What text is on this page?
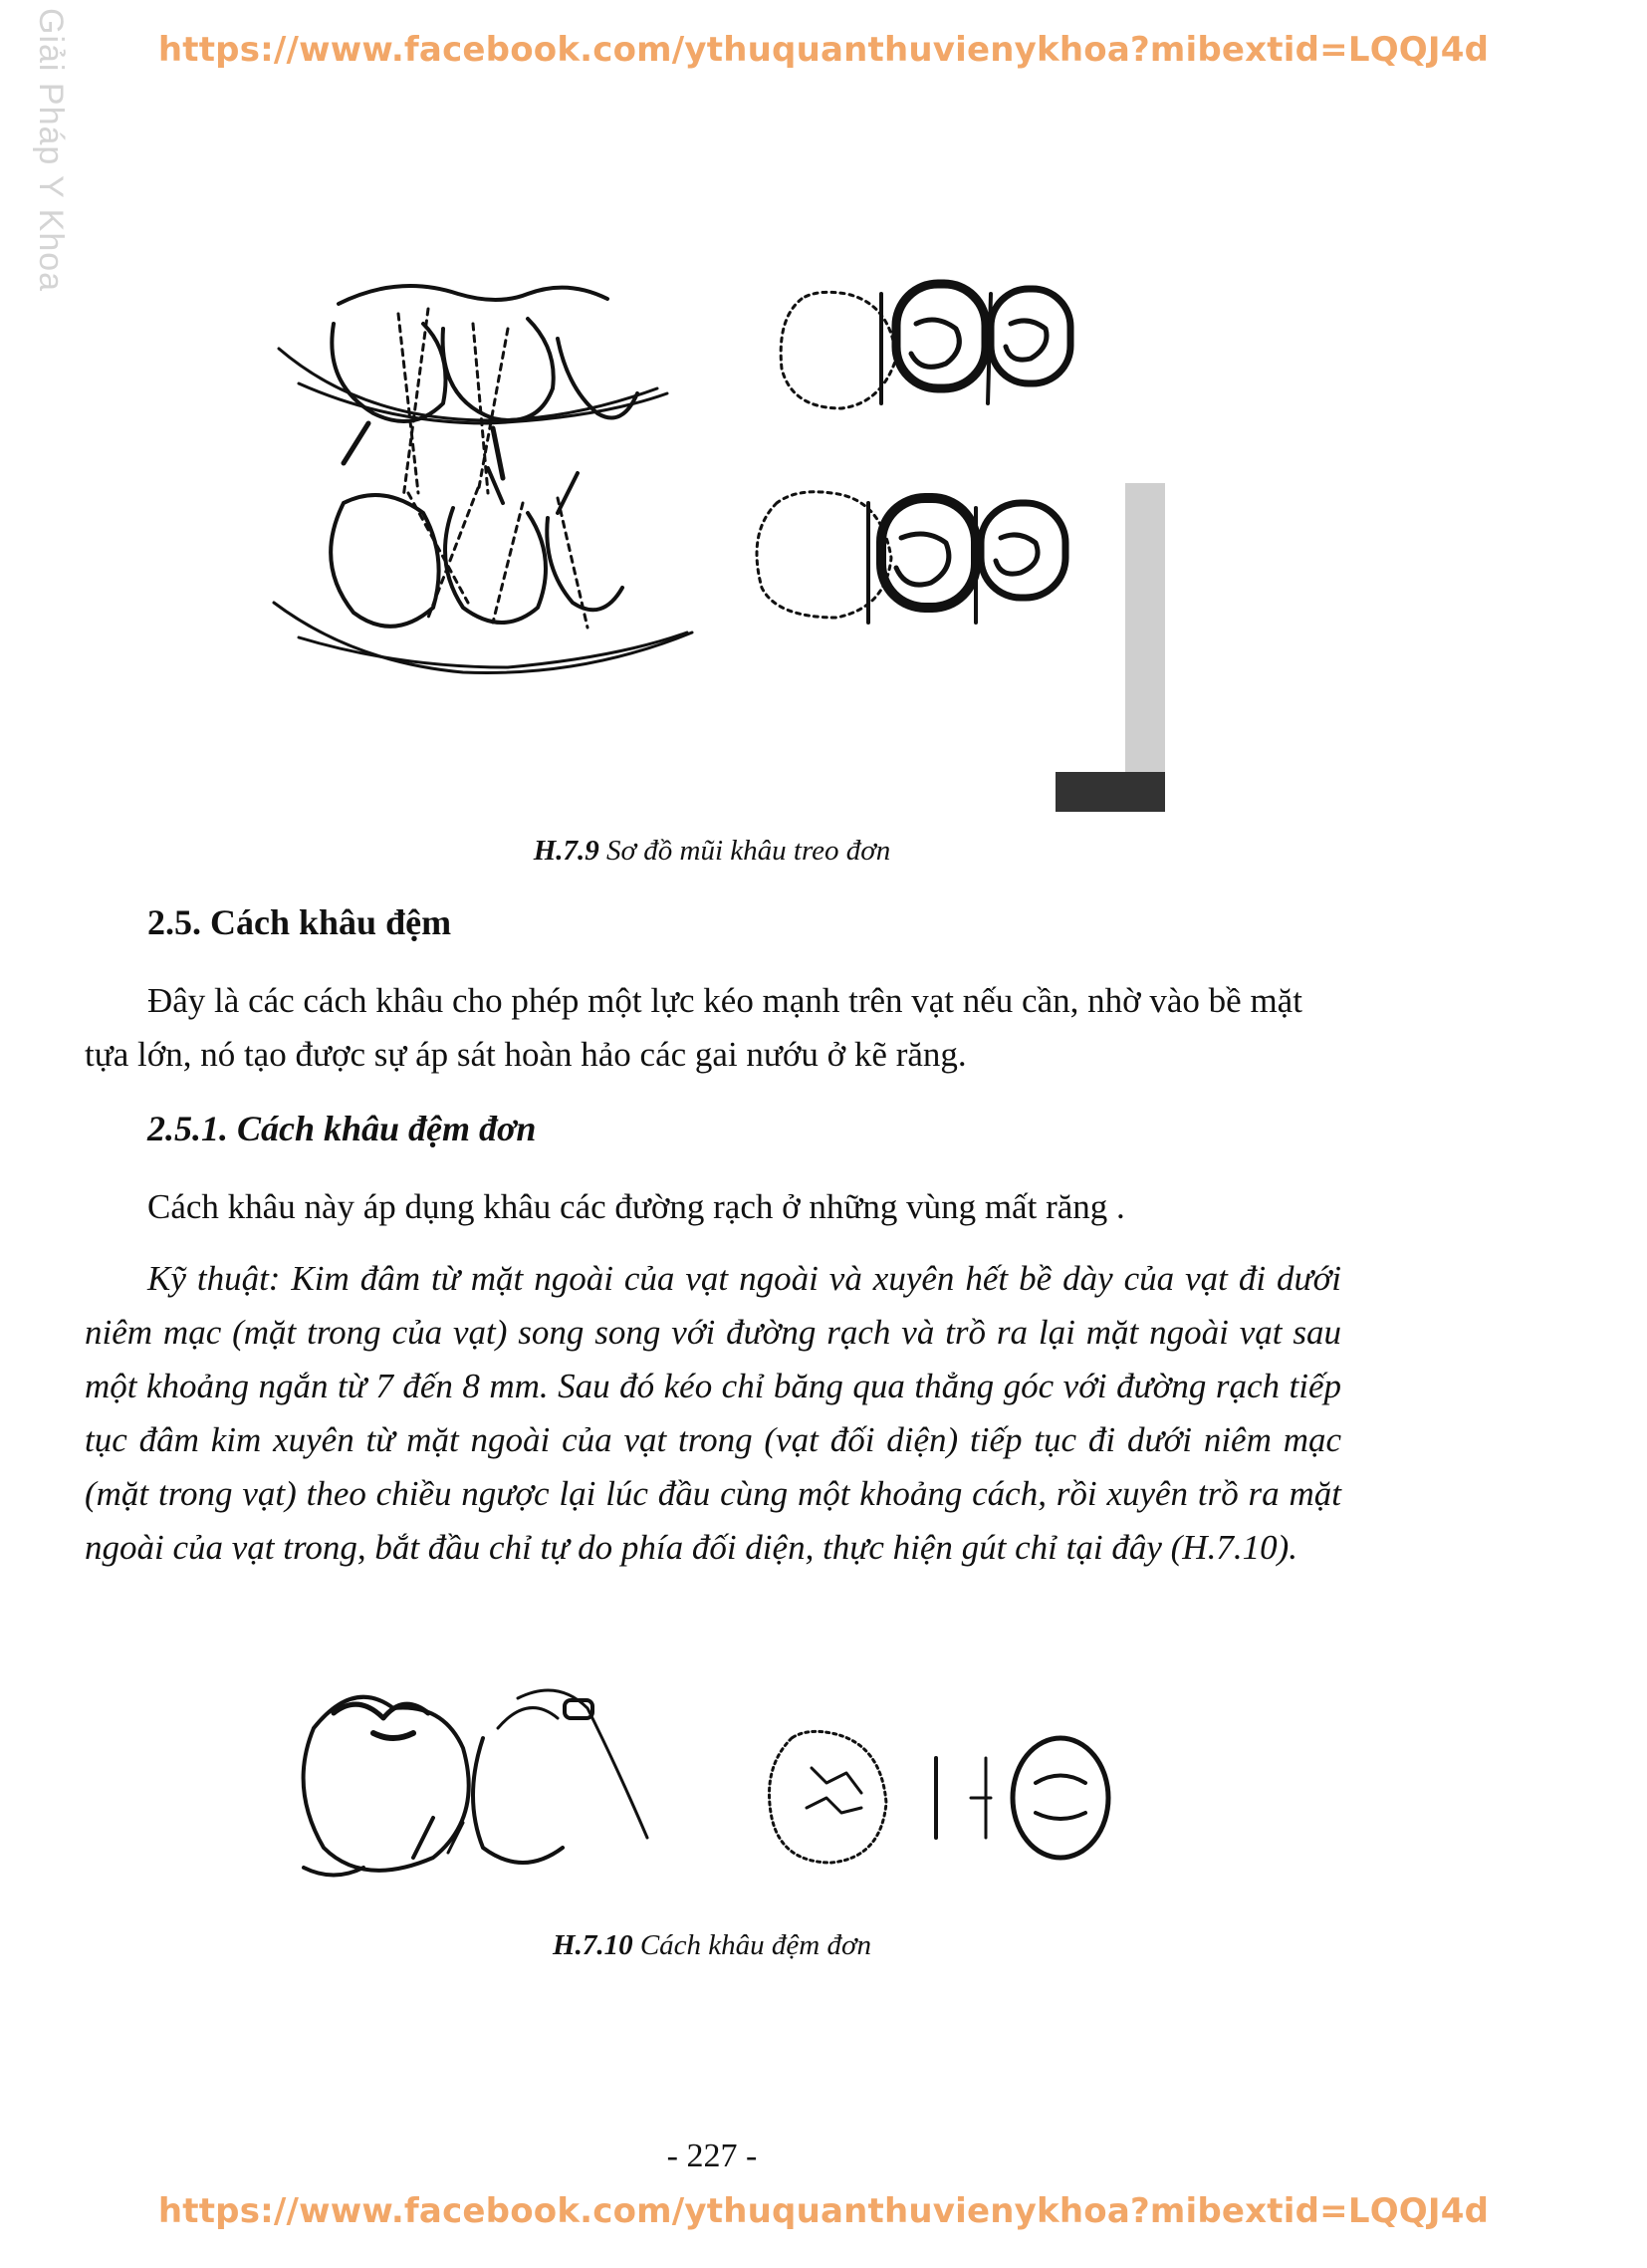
Giải Pháp Y Khoa	https://www.facebook.com/ythuquanthuvienykhoa?mibextid=LQQJ4d
H.7.9 Sơ đồ mũi khâu treo đơn
2.5. Cách khâu đệm
Đây là các cách khâu cho phép một lực kéo mạnh trên vạt nếu cần, nhờ vào bề mặt tựa lớn, nó tạo được sự áp sát hoàn hảo các gai nướu ở kẽ răng.
2.5.1. Cách khâu đệm đơn
Cách khâu này áp dụng khâu các đường rạch ở những vùng mất răng .
Kỹ thuật: Kim đâm từ mặt ngoài của vạt ngoài và xuyên hết bề dày của vạt đi dưới niêm mạc (mặt trong của vạt) song song với đường rạch và trồ ra lại mặt ngoài vạt sau một khoảng ngắn từ 7 đến 8 mm. Sau đó kéo chỉ băng qua thẳng góc với đường rạch tiếp tục đâm kim xuyên từ mặt ngoài của vạt trong (vạt đối diện) tiếp tục đi dưới niêm mạc (mặt trong vạt) theo chiều ngược lại lúc đầu cùng một khoảng cách, rồi xuyên trồ ra mặt ngoài của vạt trong, bắt đầu chỉ tự do phía đối diện, thực hiện gút chỉ tại đây (H.7.10).
H.7.10 Cách khâu đệm đơn
- 227 -
https://www.facebook.com/ythuquanthuvienykhoa?mibextid=LQQJ4d
